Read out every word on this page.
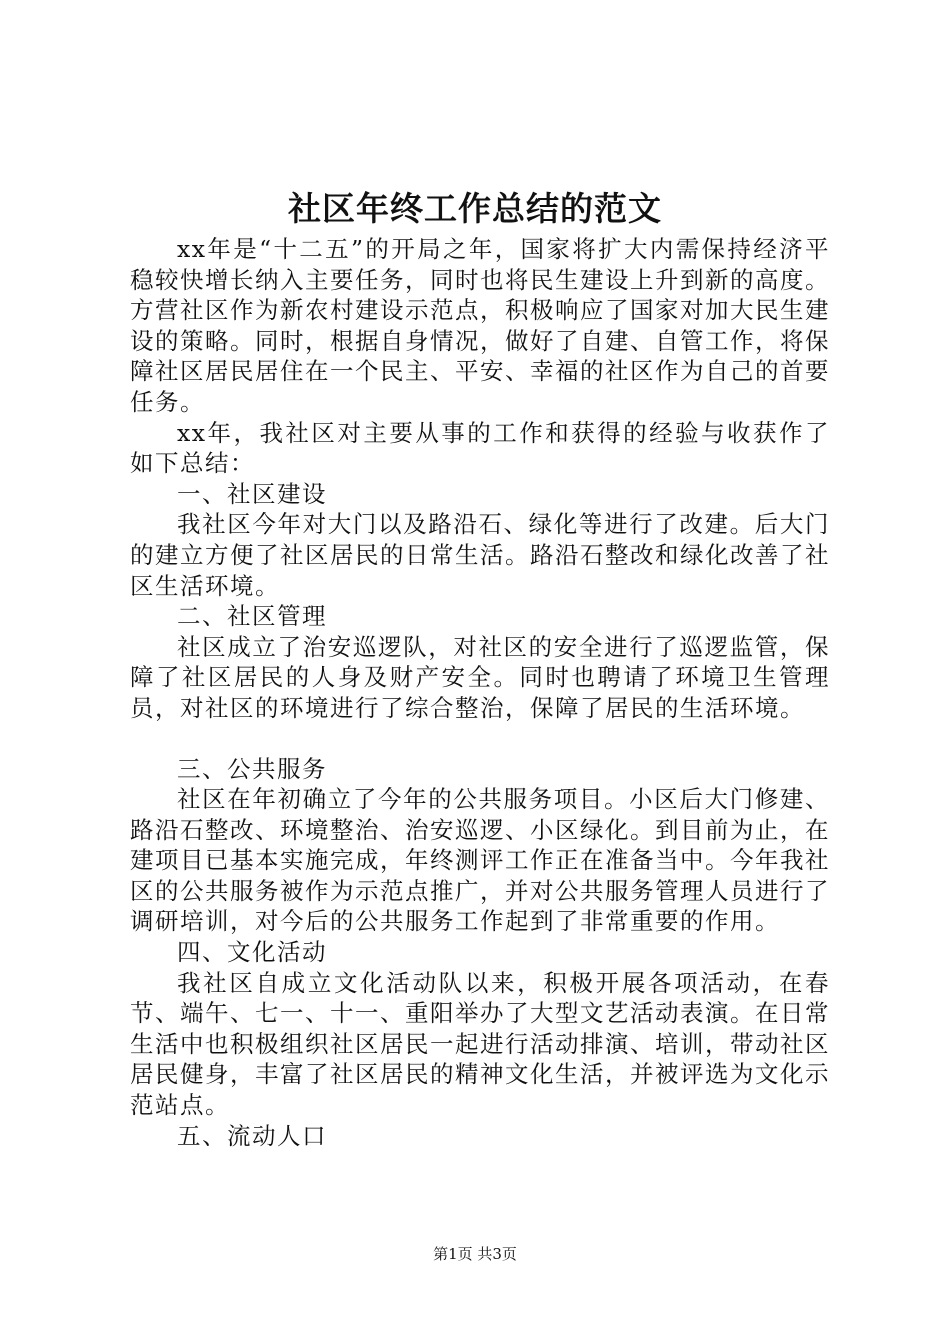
社区年终工作总结的范文

xx年是“十二五”的开局之年，国家将扩大内需保持经济平稳较快增长纳入主要任务，同时也将民生建设上升到新的高度。方营社区作为新农村建设示范点，积极响应了国家对加大民生建设的策略。同时，根据自身情况，做好了自建、自管工作，将保障社区居民居住在一个民主、平安、幸福的社区作为自己的首要任务。

xx年，我社区对主要从事的工作和获得的经验与收获作了如下总结：

一、社区建设

我社区今年对大门以及路沿石、绿化等进行了改建。后大门的建立方便了社区居民的日常生活。路沿石整改和绿化改善了社区生活环境。

二、社区管理

社区成立了治安巡逻队，对社区的安全进行了巡逻监管，保障了社区居民的人身及财产安全。同时也聘请了环境卫生管理员，对社区的环境进行了综合整治，保障了居民的生活环境。

三、公共服务

社区在年初确立了今年的公共服务项目。小区后大门修建、路沿石整改、环境整治、治安巡逻、小区绿化。到目前为止，在建项目已基本实施完成，年终测评工作正在准备当中。今年我社区的公共服务被作为示范点推广，并对公共服务管理人员进行了调研培训，对今后的公共服务工作起到了非常重要的作用。

四、文化活动

我社区自成立文化活动队以来，积极开展各项活动，在春节、端午、七一、十一、重阳举办了大型文艺活动表演。在日常生活中也积极组织社区居民一起进行活动排演、培训，带动社区居民健身，丰富了社区居民的精神文化生活，并被评选为文化示范站点。

五、流动人口

第1页 共3页
